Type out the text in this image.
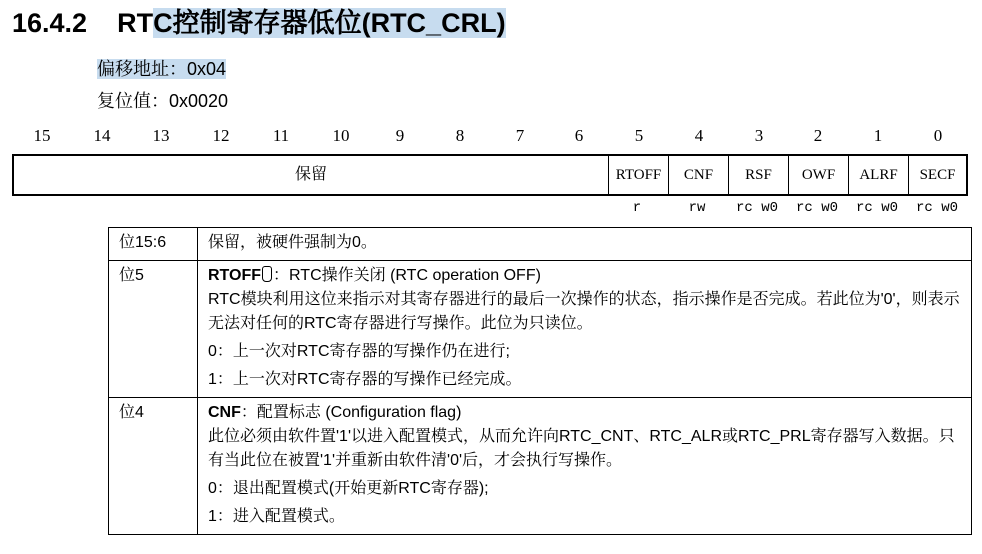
16.4.2 RTC控制寄存器低位(RTC_CRL)
偏移地址：0x04
复位值：0x0020
15	14	13	12	11	10	9	8	7	6	5	4	3	2	1	0
保留	RTOFF	CNF	RSF	OWF	ALRF	SECF
r	rw	rc w0	rc w0	rc w0	rc w0
位15:6	保留，被硬件强制为0。

位5	RTOFF ：RTC操作关闭 (RTC operation OFF)

RTC模块利用这位来指示对其寄存器进行的最后一次操作的状态，指示操作是否完成。若此位为'0'，则表示无法对任何的RTC寄存器进行写操作。此位为只读位。

0：上一次对RTC寄存器的写操作仍在进行;

1：上一次对RTC寄存器的写操作已经完成。

位4	CNF：配置标志 (Configuration flag)

此位必须由软件置'1'以进入配置模式，从而允许向RTC_CNT、RTC_ALR或RTC_PRL寄存器写入数据。只有当此位在被置'1'并重新由软件清'0'后，才会执行写操作。

0：退出配置模式(开始更新RTC寄存器);

1：进入配置模式。
